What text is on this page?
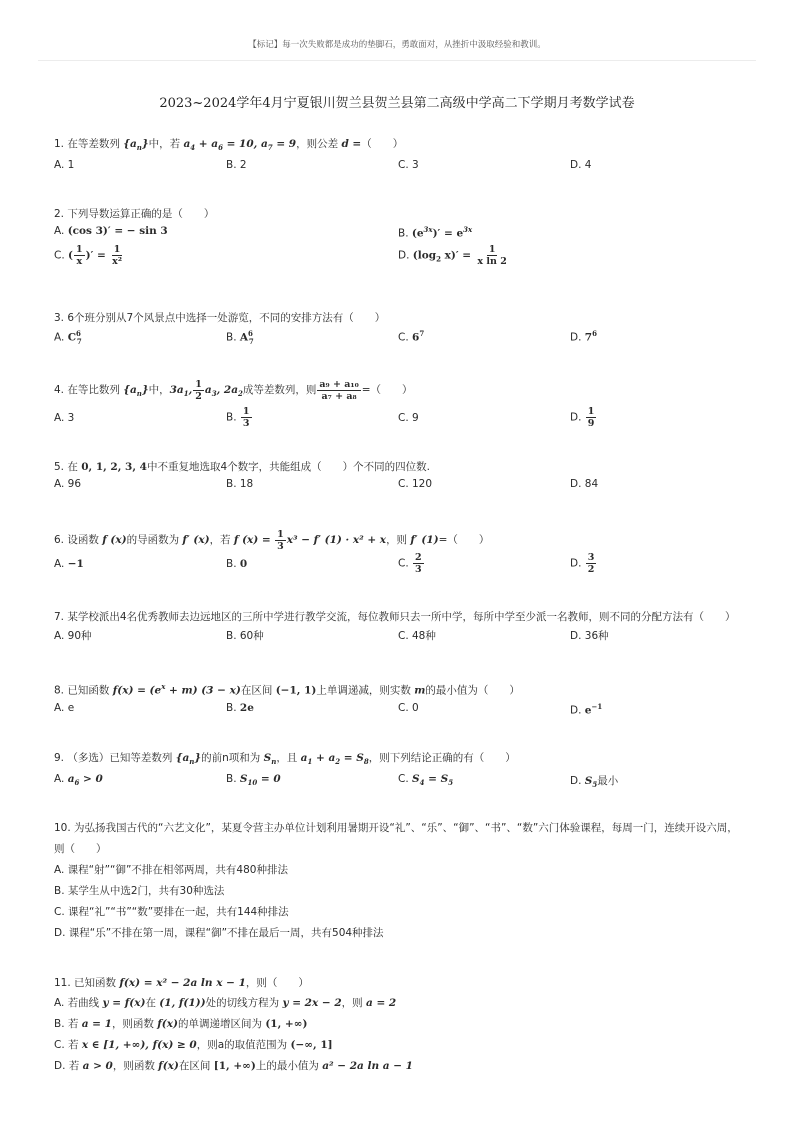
【标记】每一次失败都是成功的垫脚石，勇敢面对，从挫折中汲取经验和教训。
2023~2024学年4月宁夏银川贺兰县贺兰县第二高级中学高二下学期月考数学试卷
1. 在等差数列 $\{a_n\}$中，若 $a_4 + a_6 = 10$, $a_7 = 9$，则公差 d =（　　）
A. 1	B. 2	C. 3	D. 4
2. 下列导数运算正确的是（　　）
A. (cos 3)′ = − sin 3	B. $(e^{3x})' = e^{3x}$
C. ( $\frac{1}{x}$ )′ = $\frac{1}{\text{x²}}$	D. ($\log_2$ $x)' = \frac{1}{\text{x ln 2}}$
3. 6个班分别从7个风景点中选择一处游览，不同的安排方法有（　　）
A. $C^6_7$	B. $A^6_7$	C. $6^7$	D. $7^6$
4. 在等比数列 $\{a_n\}$中，$3a_1$, $\frac{1}{2} a_3$, $2a_2$成等差数列，则 $\frac{\text{a₉ + a₁₀}}{\text{a₇ + a₈}}$ =（　　）
A. 3	B. $\frac{1}{3}$	C. 9	D. $\frac{1}{9}$
5. 在 0, 1, 2, 3, 4中不重复地选取4个数字，共能组成（　　）个不同的四位数.
A. 96	B. 18	C. 120	D. 84
6. 设函数 f (x)的导函数为 f′ (x)，若 f $(x) = \frac{1}{3} x^3 - f'$ (1) · x² + x，则 f′ (1)=（　　）
A. −1	B. 0	C. $\frac{2}{3}$	D. $\frac{3}{2}$
7. 某学校派出4名优秀教师去边远地区的三所中学进行教学交流，每位教师只去一所中学，每所中学至少派一名教师，则不同的分配方法有（　　）
A. 90种	B. 60种	C. 48种	D. 36种
8. 已知函数 $f(x) = (e^x + m) (3 - x)$在区间 (−1, 1)上单调递减，则实数 m的最小值为（　　）
A. e	B. 2e	C. 0	D. $e^{-1}$
9. （多选）已知等差数列 $\{a_n\}$的前n项和为 $S_n$，且 $a_1 + a_2 = S_8$，则下列结论正确的有（　　）
A. $a_6 > 0$	B. $S_{10} = 0$	C. $S_4 = S_5$	D. $S_5$最小
10. 为弘扬我国古代的“六艺文化”，某夏令营主办单位计划利用暑期开设“礼”、“乐”、“御”、“书”、“数”六门体验课程，每周一门，连续开设六周，则（　　）
A. 课程“射”“御”不排在相邻两周，共有480种排法
B. 某学生从中选2门，共有30种选法
C. 课程“礼”“书”“数”要排在一起，共有144种排法
D. 课程“乐”不排在第一周，课程“御”不排在最后一周，共有504种排法
11. 已知函数 f(x) = x² − 2a ln x − 1，则（　　）
A. 若曲线 y = f(x)在 (1, f(1))处的切线方程为 y = 2x − 2，则 a = 2
B. 若 a = 1，则函数 f(x)的单调递增区间为 (1, +∞)
C. 若 x ∈ [1, +∞), f(x) ≥ 0，则a的取值范围为 (−∞, 1]
D. 若 a > 0，则函数 f(x)在区间 [1, +∞)上的最小值为 a² − 2a ln a − 1
